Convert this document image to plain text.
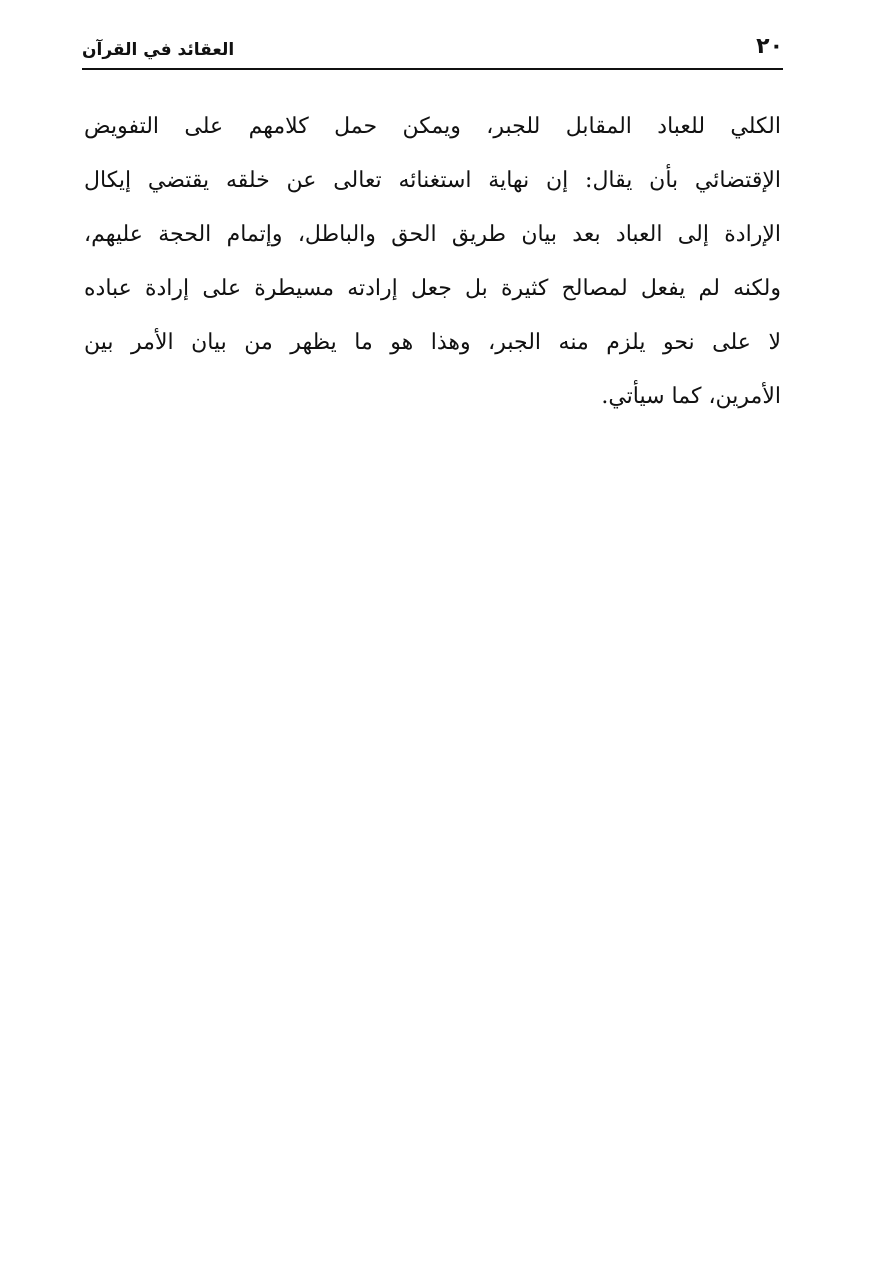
٢٠
العقائد في القرآن
الكلي للعباد المقابل للجبر، ويمكن حمل كلامهم على التفويض
الإقتضائي بأن يقال: إن نهاية استغنائه تعالى عن خلقه يقتضي إيكال
الإرادة إلى العباد بعد بيان طريق الحق والباطل، وإتمام الحجة عليهم،
ولكنه لم يفعل لمصالح كثيرة بل جعل إرادته مسيطرة على إرادة عباده
لا على نحو يلزم منه الجبر، وهذا هو ما يظهر من بيان الأمر بين
الأمرين، كما سيأتي.
